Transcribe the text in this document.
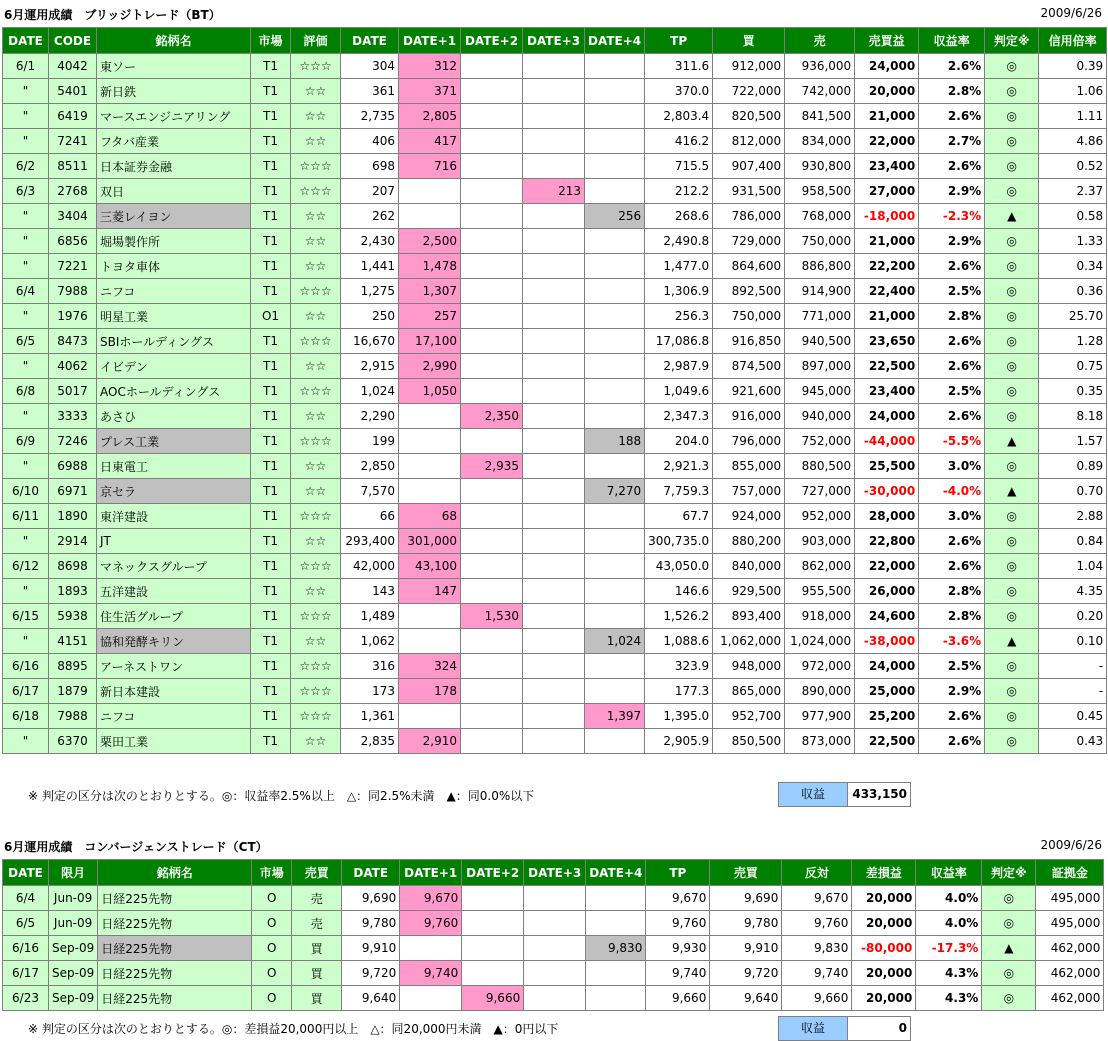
6月運用成績　ブリッジトレード（BT）	2009/6/26
DATE	CODE	銘柄名	市場	評価	DATE	DATE+1	DATE+2	DATE+3	DATE+4	TP	買	売	売買益	収益率	判定※	信用倍率
6/1	4042	東ソー	T1	☆☆☆	304	312				311.6	912,000	936,000	24,000	2.6%	◎	0.39
"	5401	新日鉄	T1	☆☆	361	371				370.0	722,000	742,000	20,000	2.8%	◎	1.06
"	6419	マースエンジニアリング	T1	☆☆	2,735	2,805				2,803.4	820,500	841,500	21,000	2.6%	◎	1.11
"	7241	フタバ産業	T1	☆☆	406	417				416.2	812,000	834,000	22,000	2.7%	◎	4.86
6/2	8511	日本証券金融	T1	☆☆☆	698	716				715.5	907,400	930,800	23,400	2.6%	◎	0.52
6/3	2768	双日	T1	☆☆☆	207			213		212.2	931,500	958,500	27,000	2.9%	◎	2.37
"	3404	三菱レイヨン	T1	☆☆	262				256	268.6	786,000	768,000	-18,000	-2.3%	▲	0.58
"	6856	堀場製作所	T1	☆☆	2,430	2,500				2,490.8	729,000	750,000	21,000	2.9%	◎	1.33
"	7221	トヨタ車体	T1	☆☆	1,441	1,478				1,477.0	864,600	886,800	22,200	2.6%	◎	0.34
6/4	7988	ニフコ	T1	☆☆☆	1,275	1,307				1,306.9	892,500	914,900	22,400	2.5%	◎	0.36
"	1976	明星工業	O1	☆☆	250	257				256.3	750,000	771,000	21,000	2.8%	◎	25.70
6/5	8473	SBIホールディングス	T1	☆☆☆	16,670	17,100				17,086.8	916,850	940,500	23,650	2.6%	◎	1.28
"	4062	イビデン	T1	☆☆	2,915	2,990				2,987.9	874,500	897,000	22,500	2.6%	◎	0.75
6/8	5017	AOCホールディングス	T1	☆☆☆	1,024	1,050				1,049.6	921,600	945,000	23,400	2.5%	◎	0.35
"	3333	あさひ	T1	☆☆	2,290		2,350			2,347.3	916,000	940,000	24,000	2.6%	◎	8.18
6/9	7246	プレス工業	T1	☆☆☆	199				188	204.0	796,000	752,000	-44,000	-5.5%	▲	1.57
"	6988	日東電工	T1	☆☆	2,850		2,935			2,921.3	855,000	880,500	25,500	3.0%	◎	0.89
6/10	6971	京セラ	T1	☆☆	7,570				7,270	7,759.3	757,000	727,000	-30,000	-4.0%	▲	0.70
6/11	1890	東洋建設	T1	☆☆☆	66	68				67.7	924,000	952,000	28,000	3.0%	◎	2.88
"	2914	JT	T1	☆☆	293,400	301,000				300,735.0	880,200	903,000	22,800	2.6%	◎	0.84
6/12	8698	マネックスグループ	T1	☆☆☆	42,000	43,100				43,050.0	840,000	862,000	22,000	2.6%	◎	1.04
"	1893	五洋建設	T1	☆☆	143	147				146.6	929,500	955,500	26,000	2.8%	◎	4.35
6/15	5938	住生活グループ	T1	☆☆☆	1,489		1,530			1,526.2	893,400	918,000	24,600	2.8%	◎	0.20
"	4151	協和発酵キリン	T1	☆☆	1,062				1,024	1,088.6	1,062,000	1,024,000	-38,000	-3.6%	▲	0.10
6/16	8895	アーネストワン	T1	☆☆☆	316	324				323.9	948,000	972,000	24,000	2.5%	◎	-
6/17	1879	新日本建設	T1	☆☆☆	173	178				177.3	865,000	890,000	25,000	2.9%	◎	-
6/18	7988	ニフコ	T1	☆☆☆	1,361				1,397	1,395.0	952,700	977,900	25,200	2.6%	◎	0.45
"	6370	栗田工業	T1	☆☆	2,835	2,910				2,905.9	850,500	873,000	22,500	2.6%	◎	0.43
※ 判定の区分は次のとおりとする。◎：収益率2.5%以上　△：同2.5%未満　▲：同0.0%以下	収益	433,150
6月運用成績　コンバージェンストレード（CT）	2009/6/26
DATE	限月	銘柄名	市場	売買	DATE	DATE+1	DATE+2	DATE+3	DATE+4	TP	売買	反対	差損益	収益率	判定※	証拠金
6/4	Jun-09	日経225先物	O	売	9,690	9,670				9,670	9,690	9,670	20,000	4.0%	◎	495,000
6/5	Jun-09	日経225先物	O	売	9,780	9,760				9,760	9,780	9,760	20,000	4.0%	◎	495,000
6/16	Sep-09	日経225先物	O	買	9,910				9,830	9,930	9,910	9,830	-80,000	-17.3%	▲	462,000
6/17	Sep-09	日経225先物	O	買	9,720	9,740				9,740	9,720	9,740	20,000	4.3%	◎	462,000
6/23	Sep-09	日経225先物	O	買	9,640		9,660			9,660	9,640	9,660	20,000	4.3%	◎	462,000
※ 判定の区分は次のとおりとする。◎：差損益20,000円以上　△：同20,000円未満　▲：0円以下	収益	0
